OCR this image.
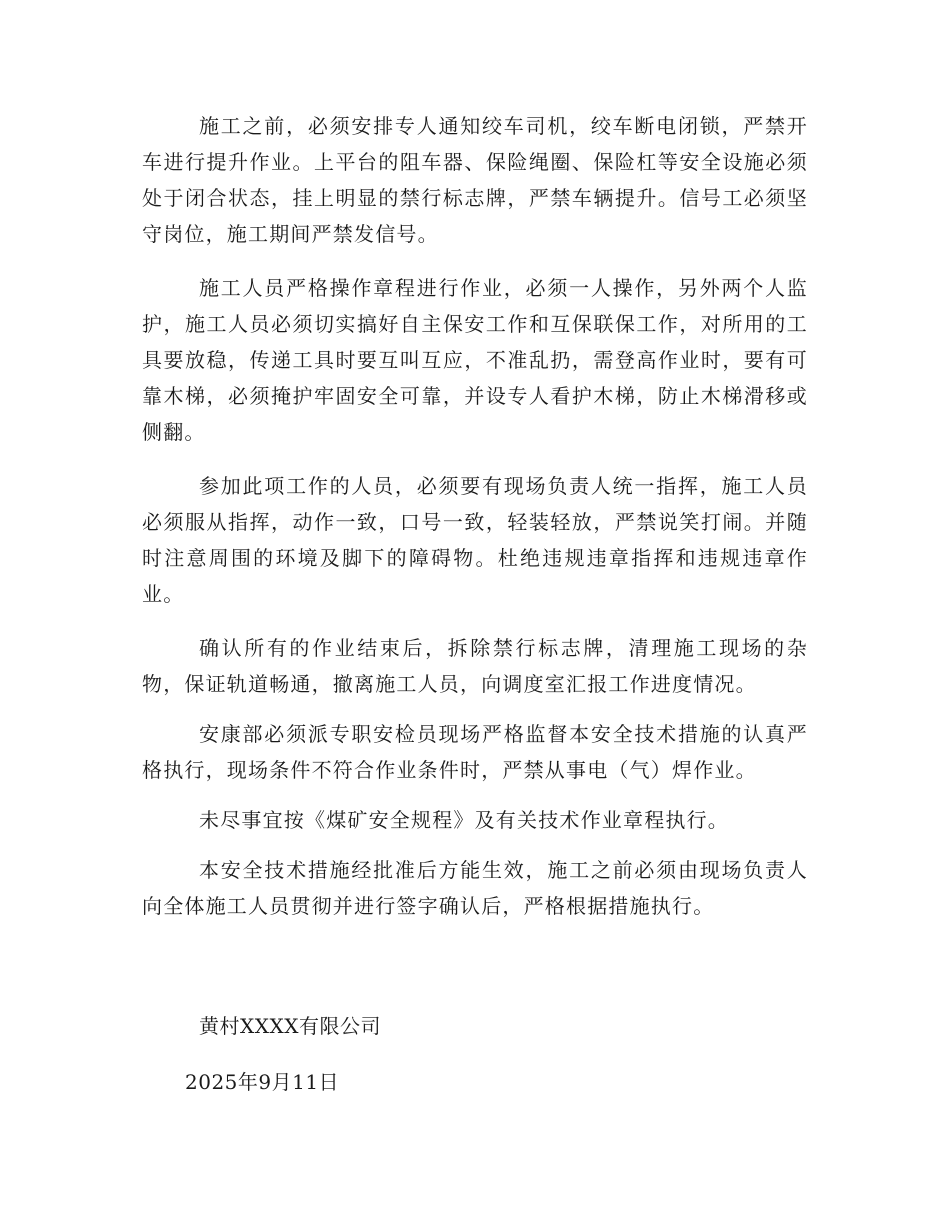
施工之前，必须安排专人通知绞车司机，绞车断电闭锁，严禁开车进行提升作业。上平台的阻车器、保险绳圈、保险杠等安全设施必须处于闭合状态，挂上明显的禁行标志牌，严禁车辆提升。信号工必须坚守岗位，施工期间严禁发信号。

施工人员严格操作章程进行作业，必须一人操作，另外两个人监护，施工人员必须切实搞好自主保安工作和互保联保工作，对所用的工具要放稳，传递工具时要互叫互应，不准乱扔，需登高作业时，要有可靠木梯，必须掩护牢固安全可靠，并设专人看护木梯，防止木梯滑移或侧翻。

参加此项工作的人员，必须要有现场负责人统一指挥，施工人员必须服从指挥，动作一致，口号一致，轻装轻放，严禁说笑打闹。并随时注意周围的环境及脚下的障碍物。杜绝违规违章指挥和违规违章作业。

确认所有的作业结束后，拆除禁行标志牌，清理施工现场的杂物，保证轨道畅通，撤离施工人员，向调度室汇报工作进度情况。

安康部必须派专职安检员现场严格监督本安全技术措施的认真严格执行，现场条件不符合作业条件时，严禁从事电（气）焊作业。

未尽事宜按《煤矿安全规程》及有关技术作业章程执行。

本安全技术措施经批准后方能生效，施工之前必须由现场负责人向全体施工人员贯彻并进行签字确认后，严格根据措施执行。

黄村XXXX有限公司
2025年9月11日
